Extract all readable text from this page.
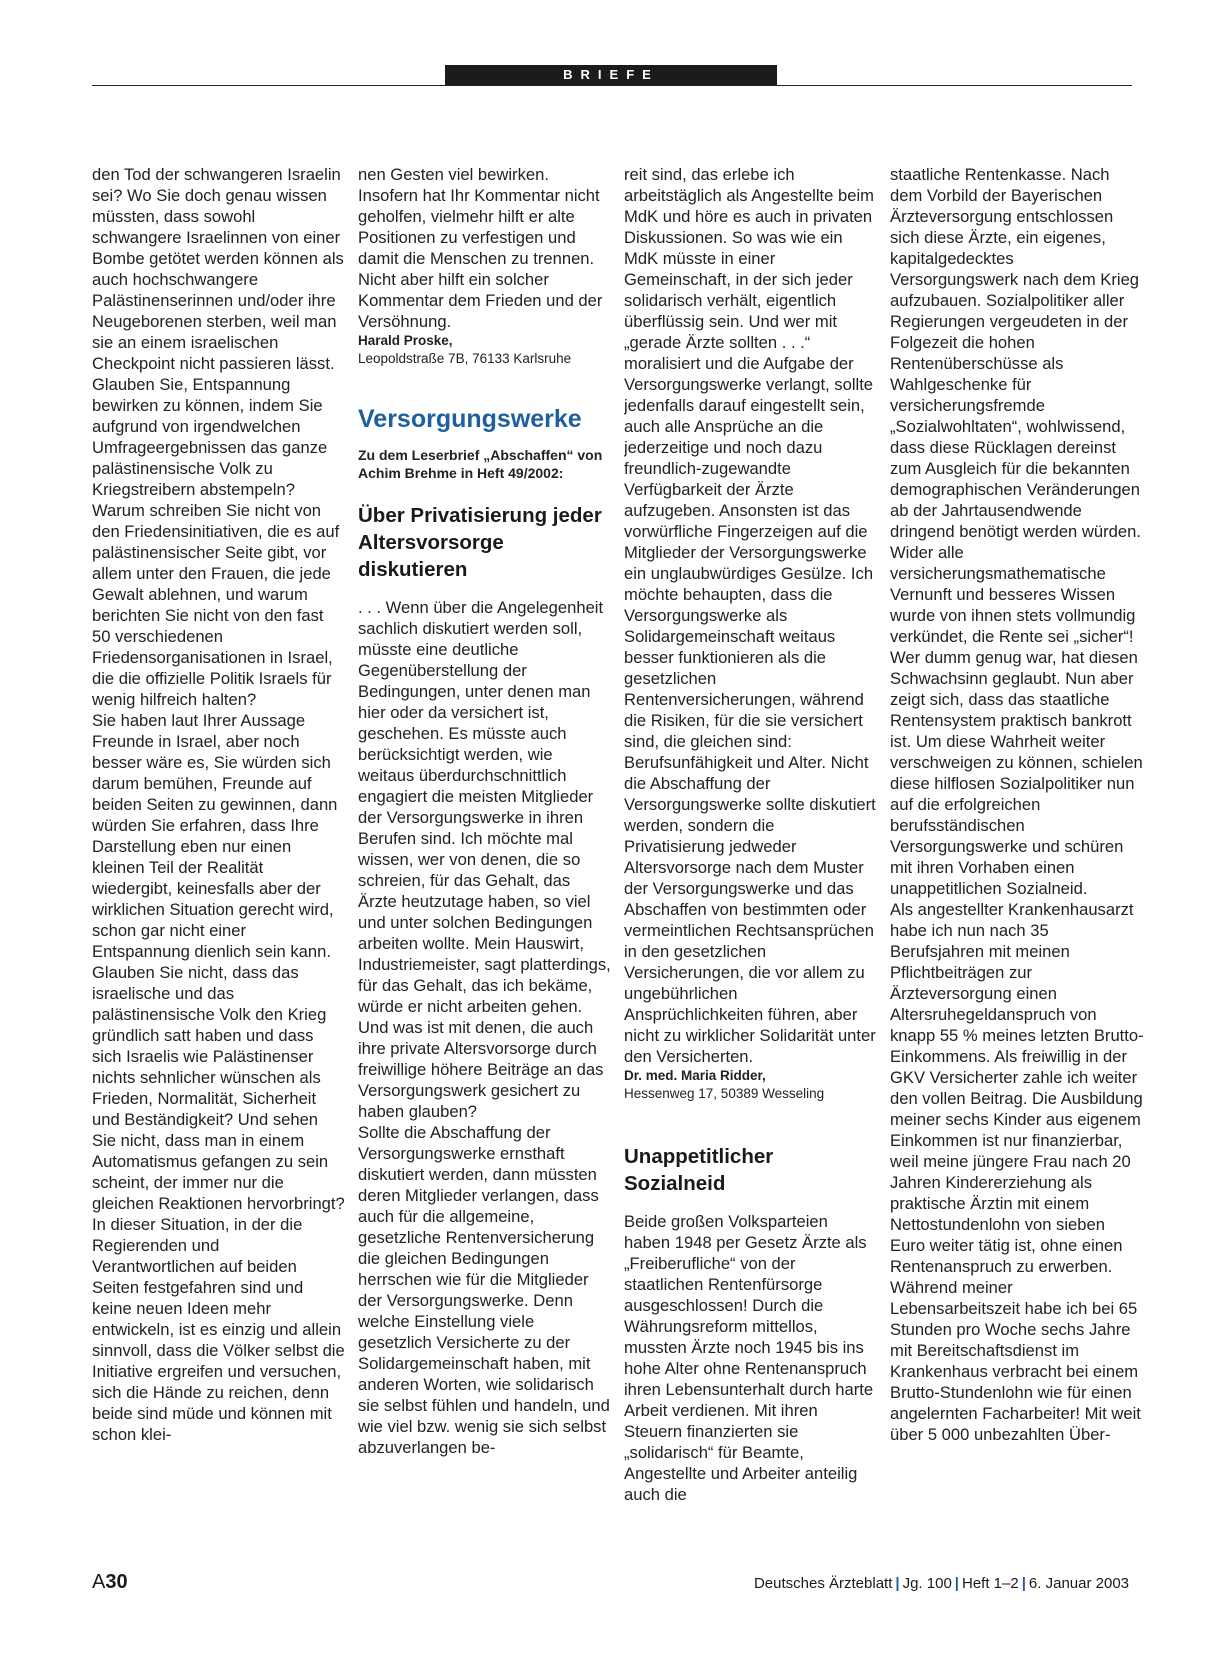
BRIEFE

den Tod der schwangeren Israelin sei? Wo Sie doch genau wissen müssten, dass sowohl schwangere Israelinnen von einer Bombe getötet werden können als auch hochschwangere Palästinenserinnen und/oder ihre Neugeborenen sterben, weil man sie an einem israelischen Checkpoint nicht passieren lässt. Glauben Sie, Entspannung bewirken zu können, indem Sie aufgrund von irgendwelchen Umfrageergebnissen das ganze palästinensische Volk zu Kriegstreibern abstempeln? Warum schreiben Sie nicht von den Friedensinitiativen, die es auf palästinensischer Seite gibt, vor allem unter den Frauen, die jede Gewalt ablehnen, und warum berichten Sie nicht von den fast 50 verschiedenen Friedensorganisationen in Israel, die die offizielle Politik Israels für wenig hilfreich halten?

Sie haben laut Ihrer Aussage Freunde in Israel, aber noch besser wäre es, Sie würden sich darum bemühen, Freunde auf beiden Seiten zu gewinnen, dann würden Sie erfahren, dass Ihre Darstellung eben nur einen kleinen Teil der Realität wiedergibt, keinesfalls aber der wirklichen Situation gerecht wird, schon gar nicht einer Entspannung dienlich sein kann. Glauben Sie nicht, dass das israelische und das palästinensische Volk den Krieg gründlich satt haben und dass sich Israelis wie Palästinenser nichts sehnlicher wünschen als Frieden, Normalität, Sicherheit und Beständigkeit? Und sehen Sie nicht, dass man in einem Automatismus gefangen zu sein scheint, der immer nur die gleichen Reaktionen hervorbringt? In dieser Situation, in der die Regierenden und Verantwortlichen auf beiden Seiten festgefahren sind und keine neuen Ideen mehr entwickeln, ist es einzig und allein sinnvoll, dass die Völker selbst die Initiative ergreifen und versuchen, sich die Hände zu reichen, denn beide sind müde und können mit schon klei-

nen Gesten viel bewirken. Insofern hat Ihr Kommentar nicht geholfen, vielmehr hilft er alte Positionen zu verfestigen und damit die Menschen zu trennen. Nicht aber hilft ein solcher Kommentar dem Frieden und der Versöhnung.

Harald Proske,

Leopoldstraße 7B, 76133 Karlsruhe

Versorgungswerke
Zu dem Leserbrief „Abschaffen“ von Achim Brehme in Heft 49/2002:
Über Privatisierung jeder Altersvorsorge diskutieren

. . . Wenn über die Angelegenheit sachlich diskutiert werden soll, müsste eine deutliche Gegenüberstellung der Bedingungen, unter denen man hier oder da versichert ist, geschehen. Es müsste auch berücksichtigt werden, wie weitaus überdurchschnittlich engagiert die meisten Mitglieder der Versorgungswerke in ihren Berufen sind. Ich möchte mal wissen, wer von denen, die so schreien, für das Gehalt, das Ärzte heutzutage haben, so viel und unter solchen Bedingungen arbeiten wollte. Mein Hauswirt, Industriemeister, sagt platterdings, für das Gehalt, das ich bekäme, würde er nicht arbeiten gehen. Und was ist mit denen, die auch ihre private Altersvorsorge durch freiwillige höhere Beiträge an das Versorgungswerk gesichert zu haben glauben?

Sollte die Abschaffung der Versorgungswerke ernsthaft diskutiert werden, dann müssten deren Mitglieder verlangen, dass auch für die allgemeine, gesetzliche Rentenversicherung die gleichen Bedingungen herrschen wie für die Mitglieder der Versorgungswerke. Denn welche Einstellung viele gesetzlich Versicherte zu der Solidargemeinschaft haben, mit anderen Worten, wie solidarisch sie selbst fühlen und handeln, und wie viel bzw. wenig sie sich selbst abzuverlangen be-

reit sind, das erlebe ich arbeitstäglich als Angestellte beim MdK und höre es auch in privaten Diskussionen. So was wie ein MdK müsste in einer Gemeinschaft, in der sich jeder solidarisch verhält, eigentlich überflüssig sein. Und wer mit „gerade Ärzte sollten . . .“ moralisiert und die Aufgabe der Versorgungswerke verlangt, sollte jedenfalls darauf eingestellt sein, auch alle Ansprüche an die jederzeitige und noch dazu freundlich-zugewandte Verfügbarkeit der Ärzte aufzugeben. Ansonsten ist das vorwürfliche Fingerzeigen auf die Mitglieder der Versorgungswerke ein unglaubwürdiges Gesülze. Ich möchte behaupten, dass die Versorgungswerke als Solidargemeinschaft weitaus besser funktionieren als die gesetzlichen Rentenversicherungen, während die Risiken, für die sie versichert sind, die gleichen sind: Berufsunfähigkeit und Alter. Nicht die Abschaffung der Versorgungswerke sollte diskutiert werden, sondern die Privatisierung jedweder Altersvorsorge nach dem Muster der Versorgungswerke und das Abschaffen von bestimmten oder vermeintlichen Rechtsansprüchen in den gesetzlichen Versicherungen, die vor allem zu ungebührlichen Ansprüchlichkeiten führen, aber nicht zu wirklicher Solidarität unter den Versicherten.

Dr. med. Maria Ridder,

Hessenweg 17, 50389 Wesseling

Unappetitlicher Sozialneid

Beide großen Volksparteien haben 1948 per Gesetz Ärzte als „Freiberufliche“ von der staatlichen Rentenfürsorge ausgeschlossen! Durch die Währungsreform mittellos, mussten Ärzte noch 1945 bis ins hohe Alter ohne Rentenanspruch ihren Lebensunterhalt durch harte Arbeit verdienen. Mit ihren Steuern finanzierten sie „solidarisch“ für Beamte, Angestellte und Arbeiter anteilig auch die

staatliche Rentenkasse. Nach dem Vorbild der Bayerischen Ärzteversorgung entschlossen sich diese Ärzte, ein eigenes, kapitalgedecktes Versorgungswerk nach dem Krieg aufzubauen. Sozialpolitiker aller Regierungen vergeudeten in der Folgezeit die hohen Rentenüberschüsse als Wahlgeschenke für versicherungsfremde „Sozialwohltaten“, wohlwissend, dass diese Rücklagen dereinst zum Ausgleich für die bekannten demographischen Veränderungen ab der Jahrtausendwende dringend benötigt werden würden. Wider alle versicherungsmathematische Vernunft und besseres Wissen wurde von ihnen stets vollmundig verkündet, die Rente sei „sicher“! Wer dumm genug war, hat diesen Schwachsinn geglaubt. Nun aber zeigt sich, dass das staatliche Rentensystem praktisch bankrott ist. Um diese Wahrheit weiter verschweigen zu können, schielen diese hilflosen Sozialpolitiker nun auf die erfolgreichen berufsständischen Versorgungswerke und schüren mit ihren Vorhaben einen unappetitlichen Sozialneid.

Als angestellter Krankenhausarzt habe ich nun nach 35 Berufsjahren mit meinen Pflichtbeiträgen zur Ärzteversorgung einen Altersruhegeldanspruch von knapp 55 % meines letzten Brutto-Einkommens. Als freiwillig in der GKV Versicherter zahle ich weiter den vollen Beitrag. Die Ausbildung meiner sechs Kinder aus eigenem Einkommen ist nur finanzierbar, weil meine jüngere Frau nach 20 Jahren Kindererziehung als praktische Ärztin mit einem Nettostundenlohn von sieben Euro weiter tätig ist, ohne einen Rentenanspruch zu erwerben. Während meiner Lebensarbeitszeit habe ich bei 65 Stunden pro Woche sechs Jahre mit Bereitschaftsdienst im Krankenhaus verbracht bei einem Brutto-Stundenlohn wie für einen angelernten Facharbeiter! Mit weit über 5 000 unbezahlten Über-

A30	Deutsches Ärzteblatt | Jg. 100 | Heft 1–2 | 6. Januar 2003
